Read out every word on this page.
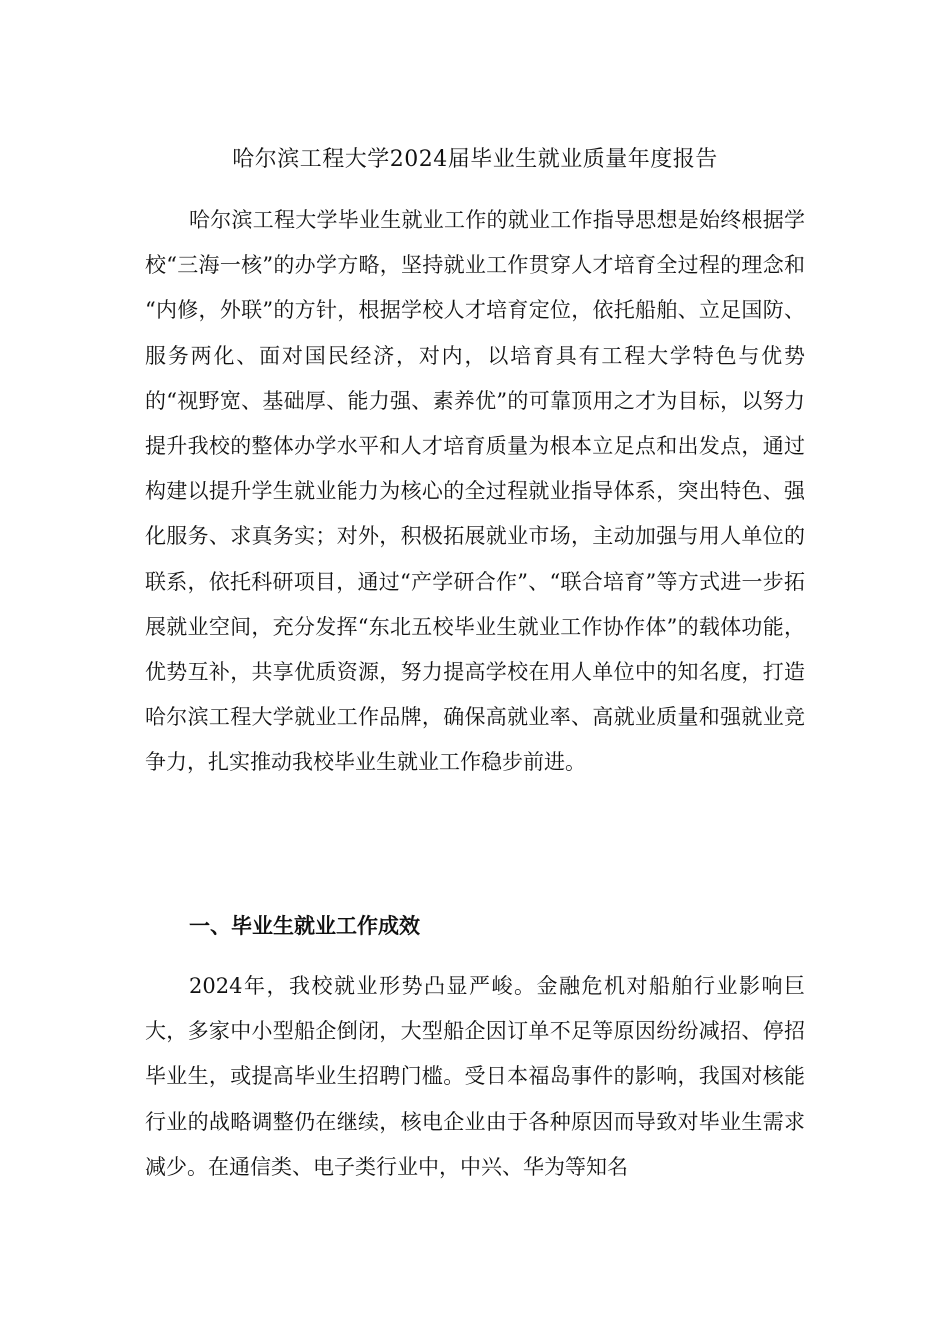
哈尔滨工程大学2024届毕业生就业质量年度报告

哈尔滨工程大学毕业生就业工作的就业工作指导思想是始终根据学校“三海一核”的办学方略，坚持就业工作贯穿人才培育全过程的理念和 “内修，外联”的方针，根据学校人才培育定位，依托船舶、立足国防、服务两化、面对国民经济，对内，以培育具有工程大学特色与优势的“视野宽、基础厚、能力强、素养优”的可靠顶用之才为目标，以努力提升我校的整体办学水平和人才培育质量为根本立足点和出发点，通过构建以提升学生就业能力为核心的全过程就业指导体系，突出特色、强化服务、求真务实；对外，积极拓展就业市场，主动加强与用人单位的联系，依托科研项目，通过“产学研合作”、“联合培育”等方式进一步拓展就业空间，充分发挥“东北五校毕业生就业工作协作体”的载体功能，优势互补，共享优质资源，努力提高学校在用人单位中的知名度，打造哈尔滨工程大学就业工作品牌，确保高就业率、高就业质量和强就业竞争力，扎实推动我校毕业生就业工作稳步前进。

一、毕业生就业工作成效

2024年，我校就业形势凸显严峻。金融危机对船舶行业影响巨大，多家中小型船企倒闭，大型船企因订单不足等原因纷纷减招、停招毕业生，或提高毕业生招聘门槛。受日本福岛事件的影响，我国对核能行业的战略调整仍在继续，核电企业由于各种原因而导致对毕业生需求减少。在通信类、电子类行业中，中兴、华为等知名
